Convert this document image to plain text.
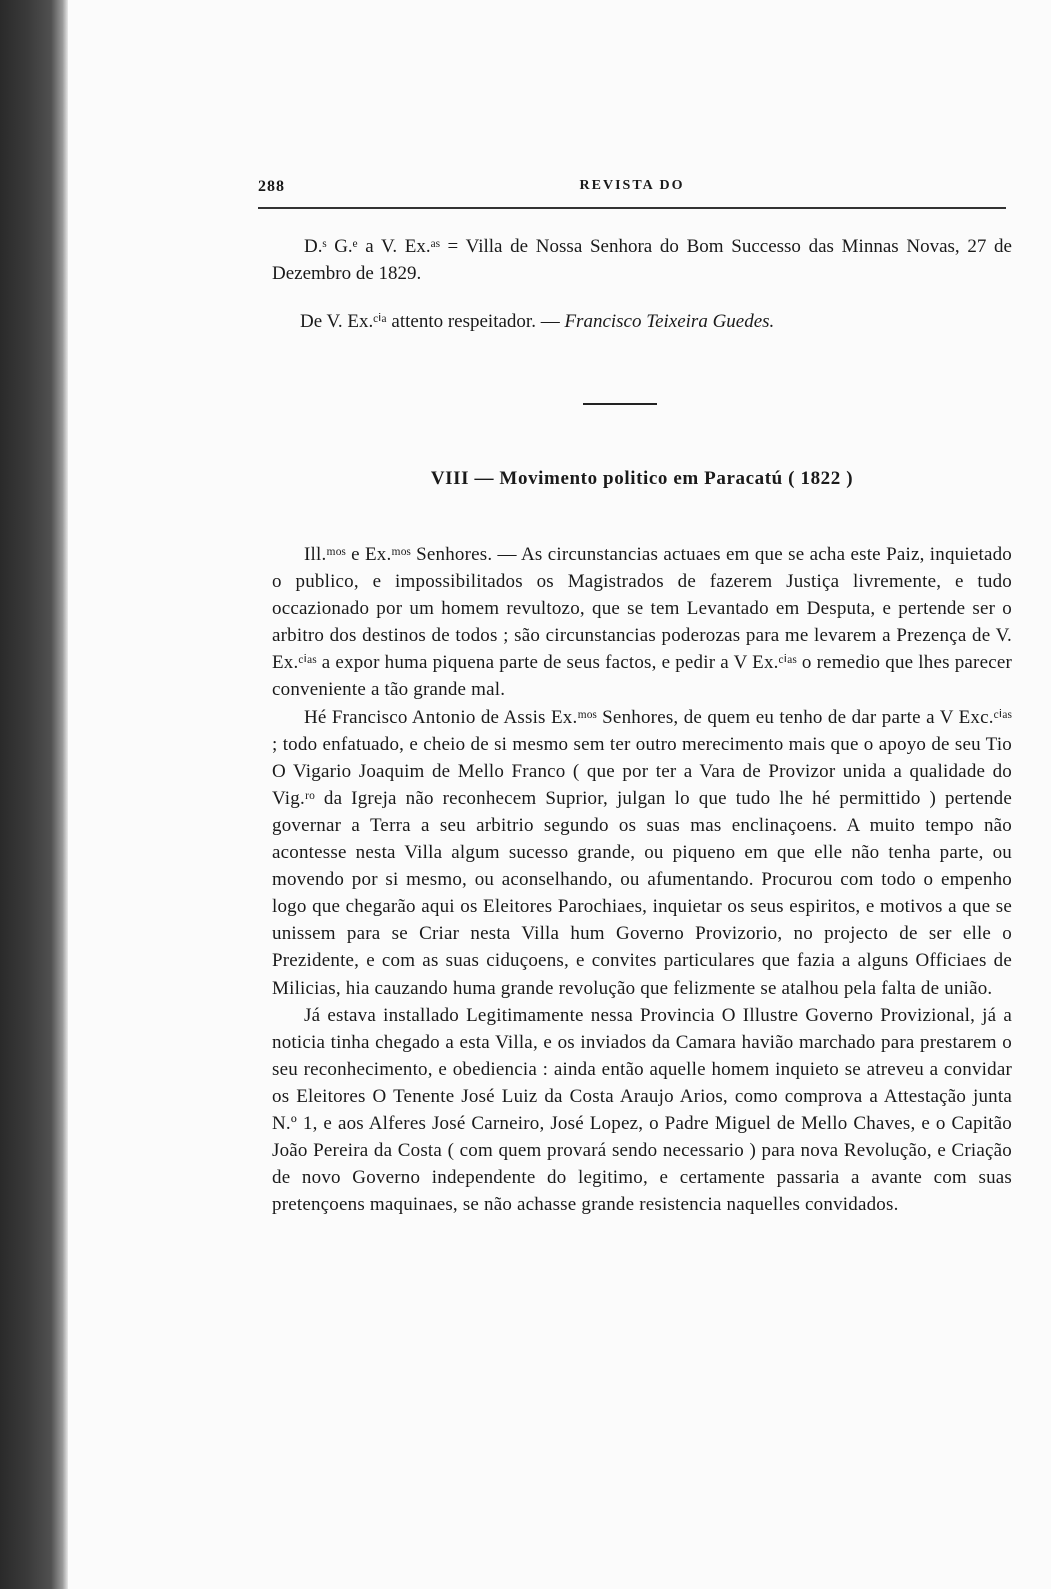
288	REVISTA DO
D.ˢ G.ᵉ a V. Ex.ᵃˢ = Villa de Nossa Senhora do Bom Successo das Minnas Novas, 27 de Dezembro de 1829.
De V. Ex.ᶜⁱᵃ attento respeitador. — Francisco Teixeira Guedes.
VIII — Movimento politico em Paracatú ( 1822 )

Ill.ᵐᵒˢ e Ex.ᵐᵒˢ Senhores. — As circunstancias actuaes em que se acha este Paiz, inquietado o publico, e impossibilitados os Magistrados de fazerem Justiça livremente, e tudo occazionado por um homem revultozo, que se tem Levantado em Desputa, e pertende ser o arbitro dos destinos de todos ; são circunstancias poderozas para me levarem a Prezença de V. Ex.ᶜⁱᵃˢ a expor huma piquena parte de seus factos, e pedir a V Ex.ᶜⁱᵃˢ o remedio que lhes parecer conveniente a tão grande mal.

Hé Francisco Antonio de Assis Ex.ᵐᵒˢ Senhores, de quem eu tenho de dar parte a V Exc.ᶜⁱᵃˢ ; todo enfatuado, e cheio de si mesmo sem ter outro merecimento mais que o apoyo de seu Tio O Vigario Joaquim de Mello Franco ( que por ter a Vara de Provizor unida a qualidade do Vig.ʳᵒ da Igreja não reconhecem Suprior, julgan lo que tudo lhe hé permittido ) pertende governar a Terra a seu arbitrio segundo os suas mas enclinaçoens. A muito tempo não acontesse nesta Villa algum sucesso grande, ou piqueno em que elle não tenha parte, ou movendo por si mesmo, ou aconselhando, ou afumentando. Procurou com todo o empenho logo que chegarão aqui os Eleitores Parochiaes, inquietar os seus espiritos, e motivos a que se unissem para se Criar nesta Villa hum Governo Provizorio, no projecto de ser elle o Prezidente, e com as suas ciduçoens, e convites particulares que fazia a alguns Officiaes de Milicias, hia cauzando huma grande revolução que felizmente se atalhou pela falta de união.

Já estava installado Legitimamente nessa Provincia O Illustre Governo Provizional, já a noticia tinha chegado a esta Villa, e os inviados da Camara havião marchado para prestarem o seu reconhecimento, e obediencia : ainda então aquelle homem inquieto se atreveu a convidar os Eleitores O Tenente José Luiz da Costa Araujo Arios, como comprova a Attestação junta N.º 1, e aos Alferes José Carneiro, José Lopez, o Padre Miguel de Mello Chaves, e o Capitão João Pereira da Costa ( com quem provará sendo necessario ) para nova Revolução, e Criação de novo Governo independente do legitimo, e certamente passaria a avante com suas pretençoens maquinaes, se não achasse grande resistencia naquelles convidados.
